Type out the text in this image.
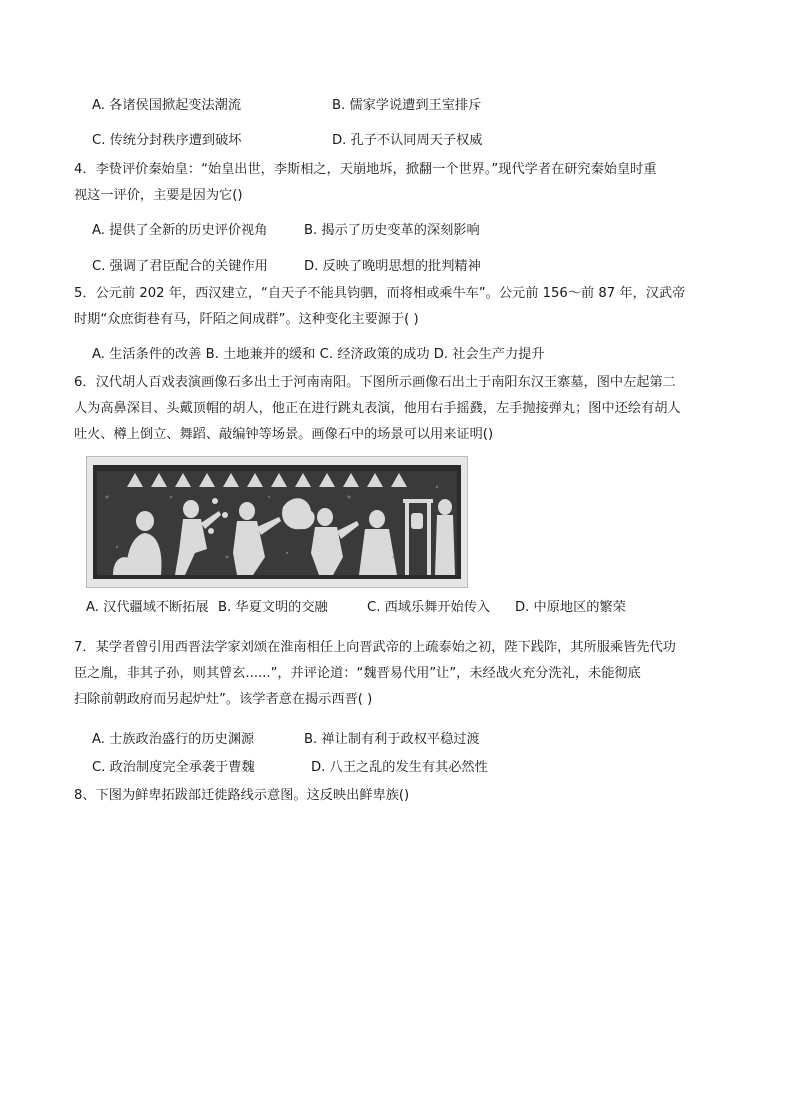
A. 各诸侯国掀起变法潮流	B. 儒家学说遭到王室排斥
C. 传统分封秩序遭到破坏	D. 孔子不认同周天子权威
4．李贽评价秦始皇：“始皇出世，李斯相之，天崩地坼，掀翻一个世界。”现代学者在研究秦始皇时重
视这一评价，主要是因为它()
A. 提供了全新的历史评价视角	B. 揭示了历史变革的深刻影响
C. 强调了君臣配合的关键作用	D. 反映了晚明思想的批判精神
5．公元前 202 年，西汉建立，“自天子不能具钧驷，而将相或乘牛车”。公元前 156～前 87 年，汉武帝
时期“众庶街巷有马，阡陌之间成群”。这种变化主要源于( )
A. 生活条件的改善 B. 土地兼并的缓和 C. 经济政策的成功 D. 社会生产力提升
6．汉代胡人百戏表演画像石多出土于河南南阳。下图所示画像石出土于南阳东汉王寨墓，图中左起第二
人为高鼻深目、头戴顶帽的胡人，他正在进行跳丸表演，他用右手摇鼗，左手抛接弹丸；图中还绘有胡人
吐火、樽上倒立、舞蹈、敲编钟等场景。画像石中的场景可以用来证明()
A. 汉代疆域不断拓展 B. 华夏文明的交融	C. 西域乐舞开始传入 D. 中原地区的繁荣
7．某学者曾引用西晋法学家刘颂在淮南相任上向晋武帝的上疏泰始之初，陛下践阼，其所服乘皆先代功
臣之胤，非其子孙，则其曾玄......”，并评论道：“魏晋易代用”让”，未经战火充分洗礼，未能彻底
扫除前朝政府而另起炉灶”。该学者意在揭示西晋( )
A. 士族政治盛行的历史渊源	B. 禅让制有利于政权平稳过渡
C. 政治制度完全承袭于曹魏	D. 八王之乱的发生有其必然性
8、下图为鲜卑拓跋部迁徙路线示意图。这反映出鲜卑族()
